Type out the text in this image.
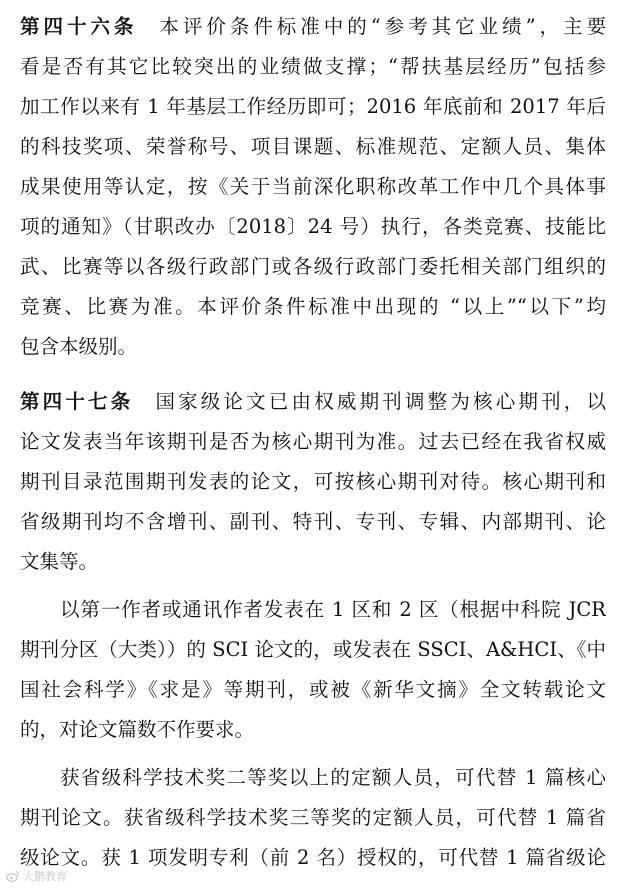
第四十六条 本评价条件标准中的“参考其它业绩”，主要
看是否有其它比较突出的业绩做支撑；“帮扶基层经历”包括参
加工作以来有 1 年基层工作经历即可；2016 年底前和 2017 年后
的科技奖项、荣誉称号、项目课题、标准规范、定额人员、集体
成果使用等认定，按《关于当前深化职称改革工作中几个具体事
项的通知》（甘职改办〔2018〕24 号）执行，各类竞赛、技能比
武、比赛等以各级行政部门或各级行政部门委托相关部门组织的
竞赛、比赛为准。本评价条件标准中出现的 “以上”“以下”均
包含本级别。
第四十七条 国家级论文已由权威期刊调整为核心期刊，以
论文发表当年该期刊是否为核心期刊为准。过去已经在我省权威
期刊目录范围期刊发表的论文，可按核心期刊对待。核心期刊和
省级期刊均不含增刊、副刊、特刊、专刊、专辑、内部期刊、论
文集等。
以第一作者或通讯作者发表在 1 区和 2 区（根据中科院 JCR
期刊分区（大类））的 SCI 论文的，或发表在 SSCI、A&HCI、《中
国社会科学》《求是》等期刊，或被《新华文摘》全文转载论文
的，对论文篇数不作要求。
获省级科学技术奖二等奖以上的定额人员，可代替 1 篇核心
期刊论文。获省级科学技术奖三等奖的定额人员，可代替 1 篇省
级论文。获 1 项发明专利（前 2 名）授权的，可代替 1 篇省级论
大鹏教育
